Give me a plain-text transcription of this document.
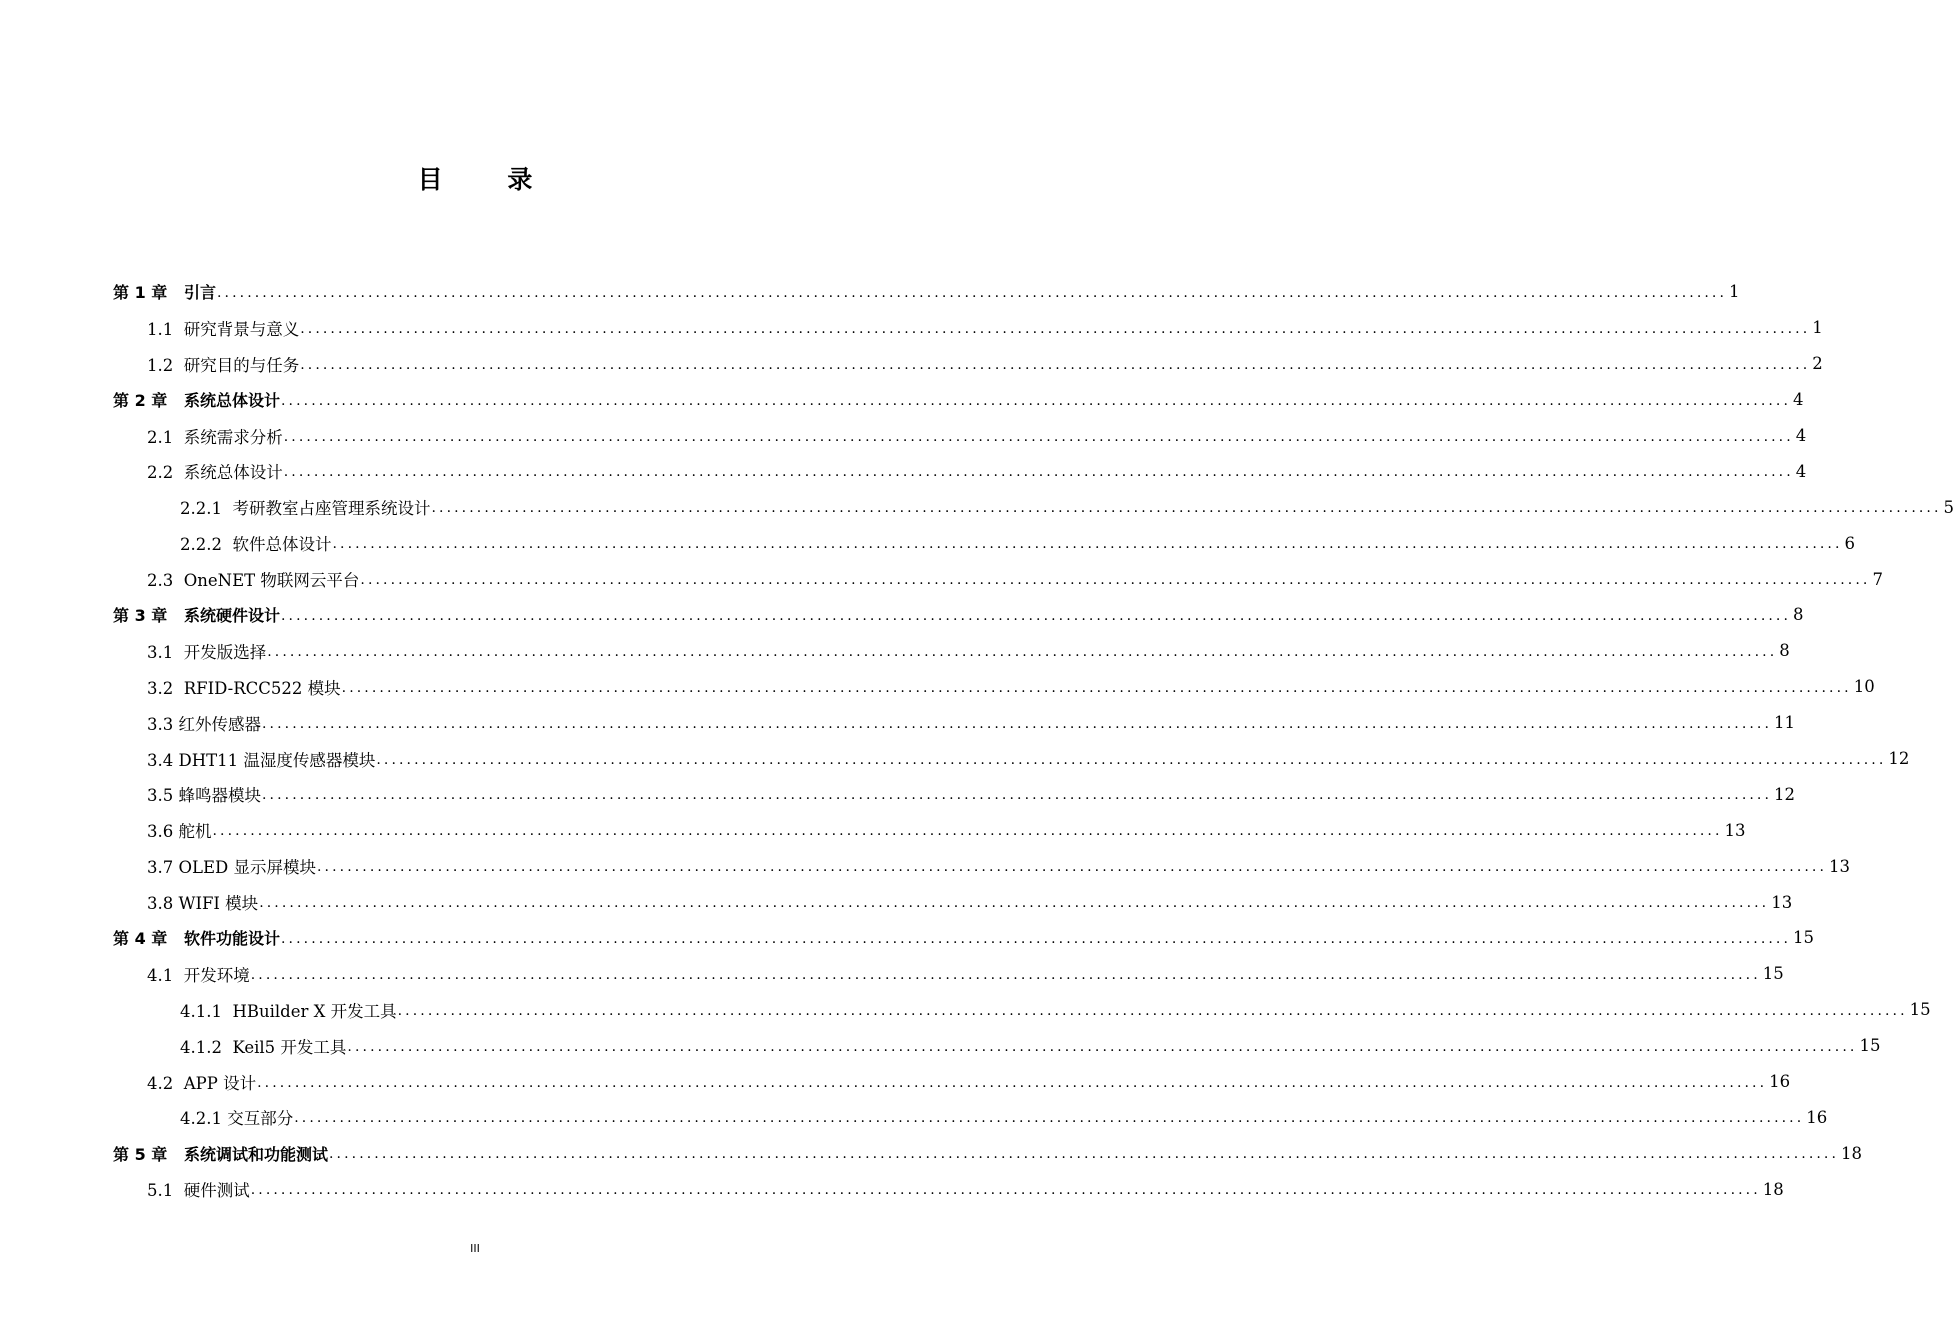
目 录
第 1 章   引言 ........................................................................................................................................................................................................ 1
1.1  研究背景与意义 ........................................................................................................................................................................................................ 1
1.2  研究目的与任务 ........................................................................................................................................................................................................ 2
第 2 章   系统总体设计 ........................................................................................................................................................................................................ 4
2.1  系统需求分析 ........................................................................................................................................................................................................ 4
2.2  系统总体设计 ........................................................................................................................................................................................................ 4
2.2.1  考研教室占座管理系统设计 ........................................................................................................................................................................................................ 5
2.2.2  软件总体设计 ........................................................................................................................................................................................................ 6
2.3  OneNET 物联网云平台 ........................................................................................................................................................................................................ 7
第 3 章   系统硬件设计 ........................................................................................................................................................................................................ 8
3.1  开发版选择 ........................................................................................................................................................................................................ 8
3.2  RFID-RCC522 模块 ........................................................................................................................................................................................................ 10
3.3 红外传感器 ........................................................................................................................................................................................................ 11
3.4 DHT11 温湿度传感器模块 ........................................................................................................................................................................................................ 12
3.5 蜂鸣器模块 ........................................................................................................................................................................................................ 12
3.6 舵机 ........................................................................................................................................................................................................ 13
3.7 OLED 显示屏模块 ........................................................................................................................................................................................................ 13
3.8 WIFI 模块 ........................................................................................................................................................................................................ 13
第 4 章   软件功能设计 ........................................................................................................................................................................................................ 15
4.1  开发环境 ........................................................................................................................................................................................................ 15
4.1.1  HBuilder X 开发工具 ........................................................................................................................................................................................................ 15
4.1.2  Keil5 开发工具 ........................................................................................................................................................................................................ 15
4.2  APP 设计 ........................................................................................................................................................................................................ 16
4.2.1 交互部分 ........................................................................................................................................................................................................ 16
第 5 章   系统调试和功能测试 ........................................................................................................................................................................................................ 18
5.1  硬件测试 ........................................................................................................................................................................................................ 18
III
